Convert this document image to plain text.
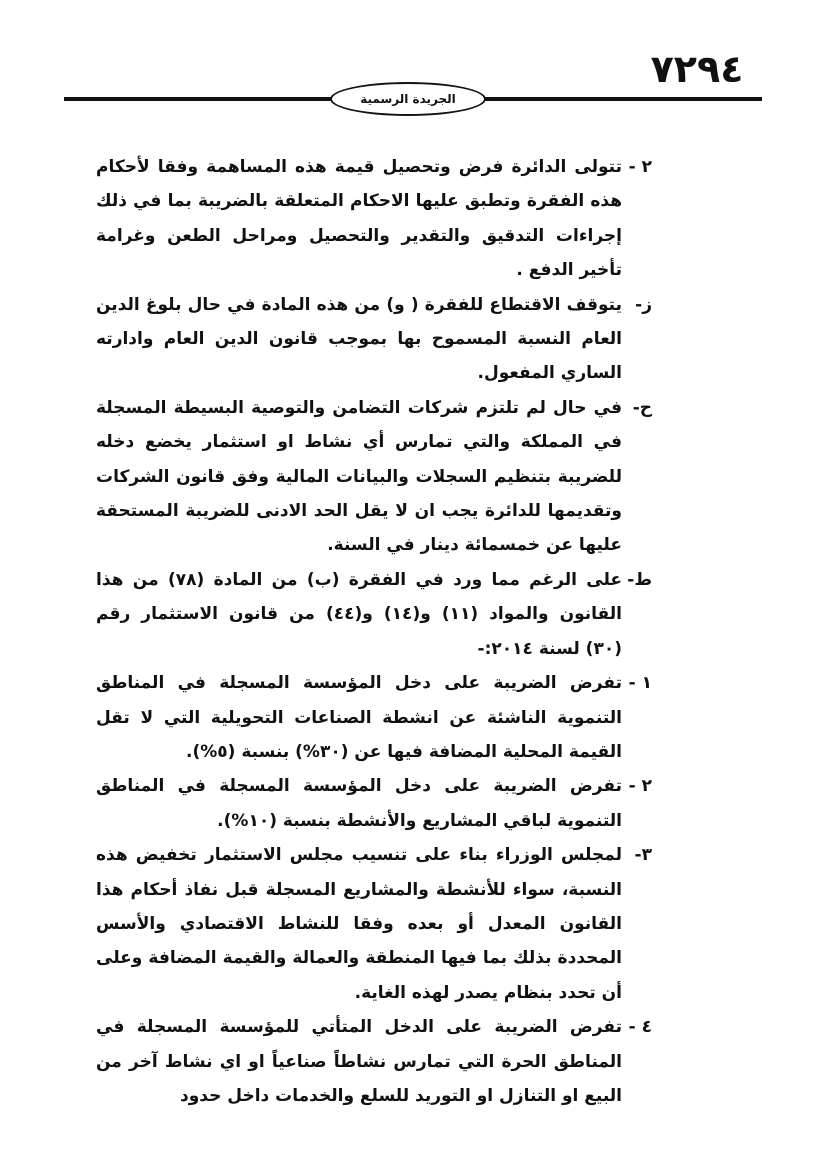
٧٢٩٤
الجريدة الرسمية
٢ -
تتولى الدائرة فرض وتحصيل قيمة هذه المساهمة وفقا لأحكام هذه الفقرة وتطبق عليها الاحكام المتعلقة بالضريبة بما في ذلك إجراءات التدقيق والتقدير والتحصيل ومراحل الطعن وغرامة تأخير الدفع .
ز-
يتوقف الاقتطاع للفقرة ( و) من هذه المادة في حال بلوغ الدين العام النسبة المسموح بها بموجب قانون الدين العام وادارته الساري المفعول.
ح-
في حال لم تلتزم شركات التضامن والتوصية البسيطة المسجلة في المملكة والتي تمارس أي نشاط او استثمار يخضع دخله للضريبة بتنظيم السجلات والبيانات المالية وفق قانون الشركات وتقديمها للدائرة يجب ان لا يقل الحد الادنى للضريبة المستحقة عليها عن خمسمائة دينار في السنة.
ط-
على الرغم مما ورد في الفقرة (ب) من المادة (٧٨) من هذا القانون والمواد (١١) و(١٤) و(٤٤) من قانون الاستثمار رقم (٣٠) لسنة ٢٠١٤:-
١ -
تفرض الضريبة على دخل المؤسسة المسجلة في المناطق التنموية الناشئة عن انشطة الصناعات التحويلية التي لا تقل القيمة المحلية المضافة فيها عن (٣٠%) بنسبة (٥%).
٢ -
تفرض الضريبة على دخل المؤسسة المسجلة في المناطق التنموية لباقي المشاريع والأنشطة بنسبة (١٠%).
٣-
لمجلس الوزراء بناء على تنسيب مجلس الاستثمار تخفيض هذه النسبة، سواء للأنشطة والمشاريع المسجلة قبل نفاذ أحكام هذا القانون المعدل أو بعده وفقا للنشاط الاقتصادي والأسس المحددة بذلك بما فيها المنطقة والعمالة والقيمة المضافة وعلى أن تحدد بنظام يصدر لهذه الغاية.
٤ -
تفرض الضريبة على الدخل المتأتي للمؤسسة المسجلة في المناطق الحرة التي تمارس نشاطاً صناعياً او اي نشاط آخر من البيع او التنازل او التوريد للسلع والخدمات داخل حدود
